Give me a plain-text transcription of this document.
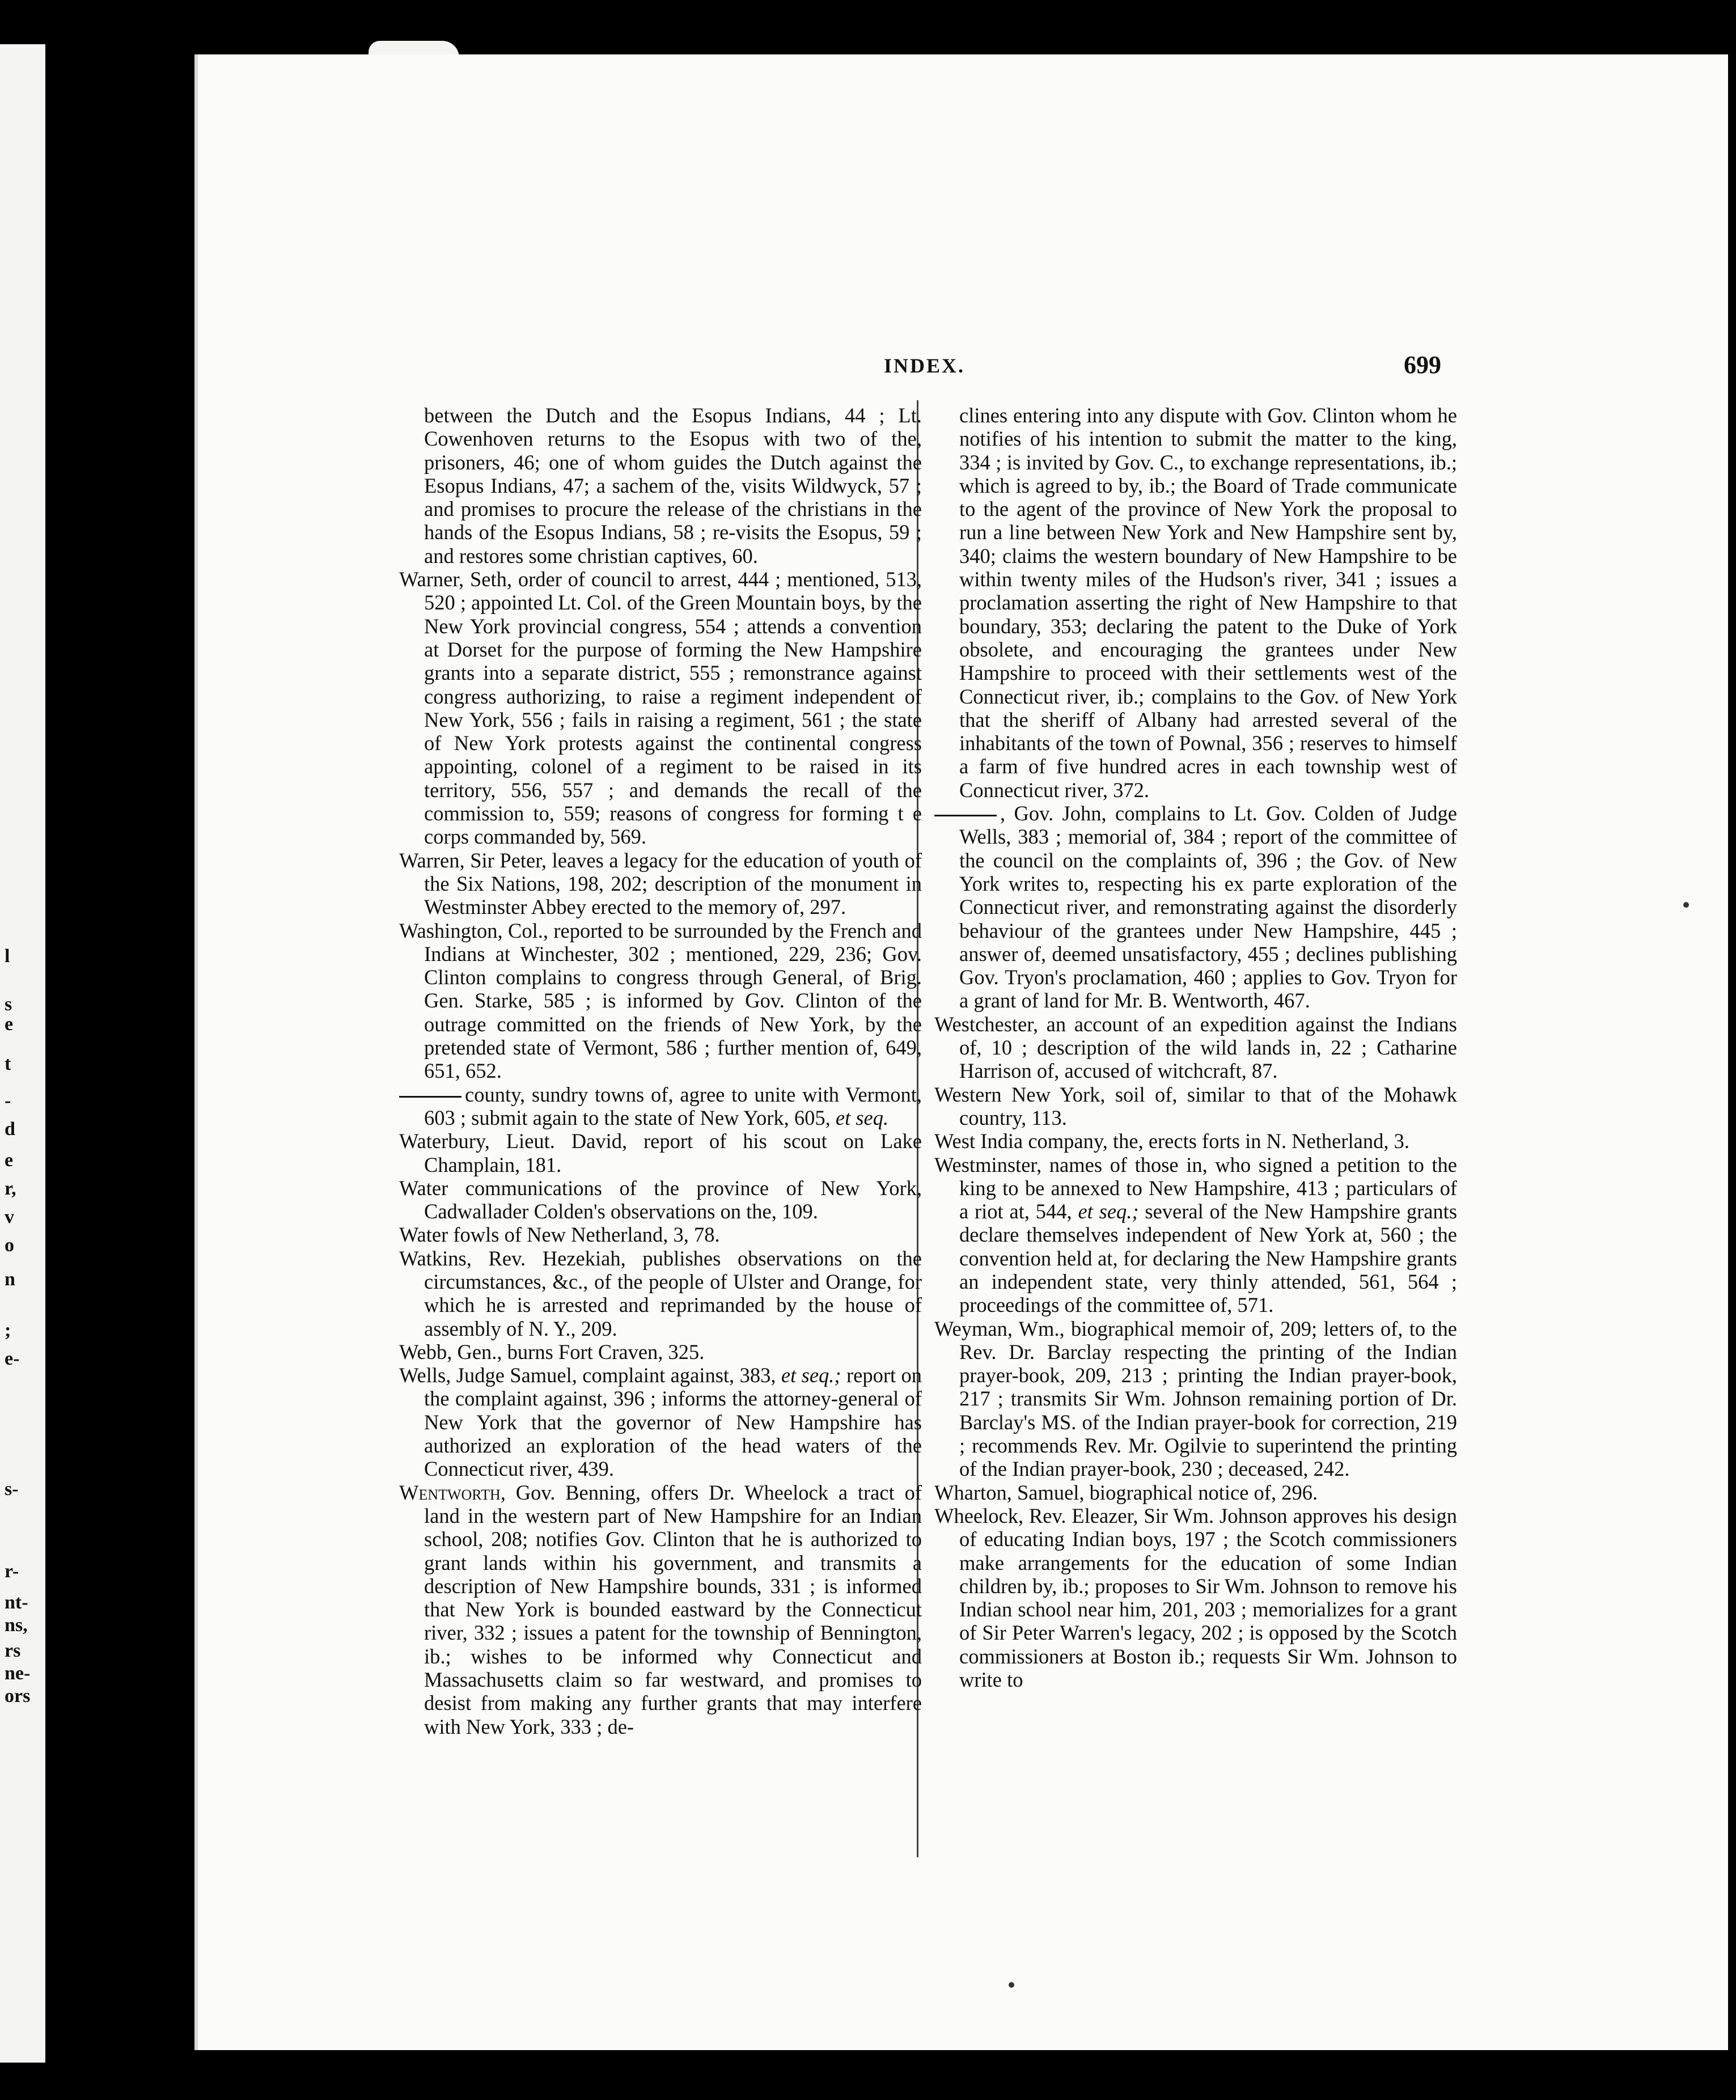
l
s
e
t
-
d
e
r,
v
o
n
;
e-
s-
r-
nt-
ns,
rs
ne-
ors
INDEX.	699

between the Dutch and the Esopus Indians, 44 ; Lt. Cowenhoven returns to the Esopus with two of the, prisoners, 46; one of whom guides the Dutch against the Esopus Indians, 47; a sachem of the, visits Wildwyck, 57 ; and promises to procure the release of the christians in the hands of the Esopus Indians, 58 ; re-visits the Esopus, 59 ; and restores some christian captives, 60.

Warner, Seth, order of council to arrest, 444 ; mentioned, 513, 520 ; appointed Lt. Col. of the Green Mountain boys, by the New York provincial congress, 554 ; attends a convention at Dorset for the purpose of forming the New Hampshire grants into a separate district, 555 ; remonstrance against congress authorizing, to raise a regiment independent of New York, 556 ; fails in raising a regiment, 561 ; the state of New York protests against the continental congress appointing, colonel of a regiment to be raised in its territory, 556, 557 ; and demands the recall of the commission to, 559; reasons of congress for forming t e corps commanded by, 569.

Warren, Sir Peter, leaves a legacy for the education of youth of the Six Nations, 198, 202; description of the monument in Westminster Abbey erected to the memory of, 297.

Washington, Col., reported to be surrounded by the French and Indians at Winchester, 302 ; mentioned, 229, 236; Gov. Clinton complains to congress through General, of Brig. Gen. Starke, 585 ; is informed by Gov. Clinton of the outrage committed on the friends of New York, by the pretended state of Vermont, 586 ; further mention of, 649, 651, 652.

county, sundry towns of, agree to unite with Vermont, 603 ; submit again to the state of New York, 605, et seq.

Waterbury, Lieut. David, report of his scout on Lake Champlain, 181.

Water communications of the province of New York, Cadwallader Colden's observations on the, 109.

Water fowls of New Netherland, 3, 78.

Watkins, Rev. Hezekiah, publishes observations on the circumstances, &c., of the people of Ulster and Orange, for which he is arrested and reprimanded by the house of assembly of N. Y., 209.

Webb, Gen., burns Fort Craven, 325.

Wells, Judge Samuel, complaint against, 383, et seq.; report on the complaint against, 396 ; informs the attorney-general of New York that the governor of New Hampshire has authorized an exploration of the head waters of the Connecticut river, 439.

Wentworth, Gov. Benning, offers Dr. Wheelock a tract of land in the western part of New Hampshire for an Indian school, 208; notifies Gov. Clinton that he is authorized to grant lands within his government, and transmits a description of New Hampshire bounds, 331 ; is informed that New York is bounded eastward by the Connecticut river, 332 ; issues a patent for the township of Bennington, ib.; wishes to be informed why Connecticut and Massachusetts claim so far westward, and promises to desist from making any further grants that may interfere with New York, 333 ; de-

clines entering into any dispute with Gov. Clinton whom he notifies of his intention to submit the matter to the king, 334 ; is invited by Gov. C., to exchange representations, ib.; which is agreed to by, ib.; the Board of Trade communicate to the agent of the province of New York the proposal to run a line between New York and New Hampshire sent by, 340; claims the western boundary of New Hampshire to be within twenty miles of the Hudson's river, 341 ; issues a proclamation asserting the right of New Hampshire to that boundary, 353; declaring the patent to the Duke of York obsolete, and encouraging the grantees under New Hampshire to proceed with their settlements west of the Connecticut river, ib.; complains to the Gov. of New York that the sheriff of Albany had arrested several of the inhabitants of the town of Pownal, 356 ; reserves to himself a farm of five hundred acres in each township west of Connecticut river, 372.

, Gov. John, complains to Lt. Gov. Colden of Judge Wells, 383 ; memorial of, 384 ; report of the committee of the council on the complaints of, 396 ; the Gov. of New York writes to, respecting his ex parte exploration of the Connecticut river, and remonstrating against the disorderly behaviour of the grantees under New Hampshire, 445 ; answer of, deemed unsatisfactory, 455 ; declines publishing Gov. Tryon's proclamation, 460 ; applies to Gov. Tryon for a grant of land for Mr. B. Wentworth, 467.

Westchester, an account of an expedition against the Indians of, 10 ; description of the wild lands in, 22 ; Catharine Harrison of, accused of witchcraft, 87.

Western New York, soil of, similar to that of the Mohawk country, 113.

West India company, the, erects forts in N. Netherland, 3.

Westminster, names of those in, who signed a petition to the king to be annexed to New Hampshire, 413 ; particulars of a riot at, 544, et seq.; several of the New Hampshire grants declare themselves independent of New York at, 560 ; the convention held at, for declaring the New Hampshire grants an independent state, very thinly attended, 561, 564 ; proceedings of the committee of, 571.

Weyman, Wm., biographical memoir of, 209; letters of, to the Rev. Dr. Barclay respecting the printing of the Indian prayer-book, 209, 213 ; printing the Indian prayer-book, 217 ; transmits Sir Wm. Johnson remaining portion of Dr. Barclay's MS. of the Indian prayer-book for correction, 219 ; recommends Rev. Mr. Ogilvie to superintend the printing of the Indian prayer-book, 230 ; deceased, 242.

Wharton, Samuel, biographical notice of, 296.

Wheelock, Rev. Eleazer, Sir Wm. Johnson approves his design of educating Indian boys, 197 ; the Scotch commissioners make arrangements for the education of some Indian children by, ib.; proposes to Sir Wm. Johnson to remove his Indian school near him, 201, 203 ; memorializes for a grant of Sir Peter Warren's legacy, 202 ; is opposed by the Scotch commissioners at Boston ib.; requests Sir Wm. Johnson to write to
